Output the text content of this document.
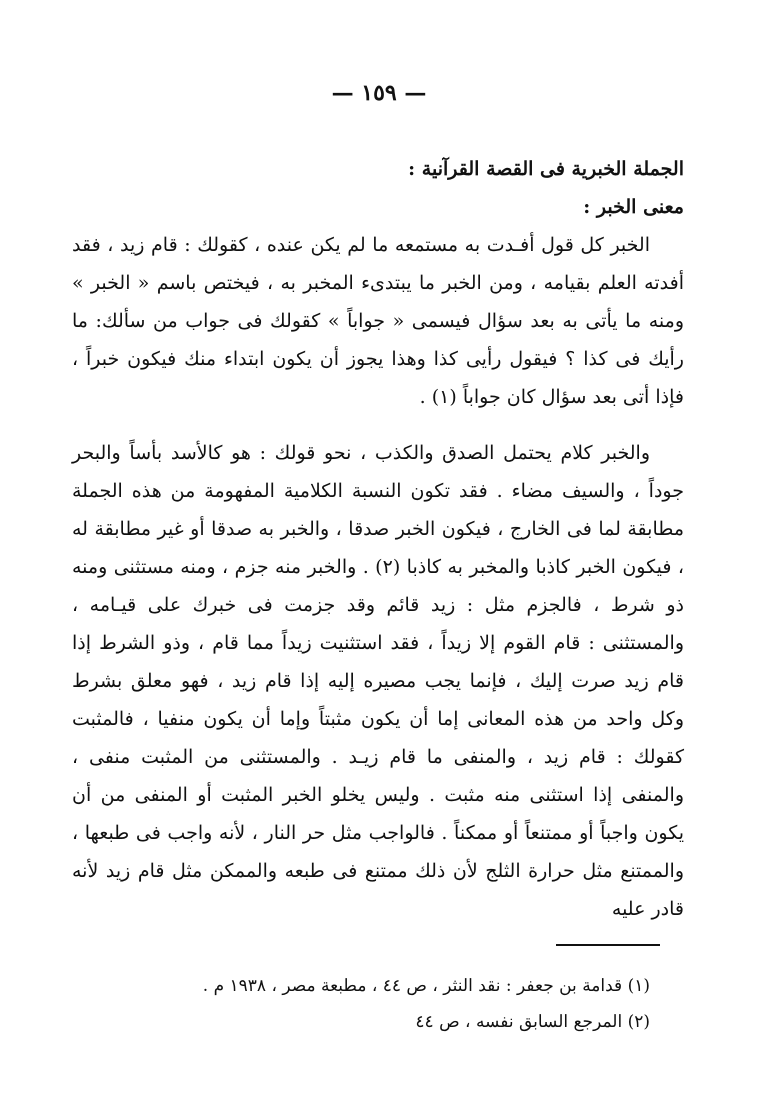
— ١٥٩ —

الجملة الخبرية فى القصة القرآنية :

معنى الخبر :

الخبر كل قول أفـدت به مستمعه ما لم يكن عنده ، كقولك : قام زيد ، فقد أفدته العلم بقيامه ، ومن الخبر ما يبتدىء المخبر به ، فيختص باسم « الخبر » ومنه ما يأتى به بعد سؤال فيسمى « جواباً » كقولك فى جواب من سألك: ما رأيك فى كذا ؟ فيقول رأيى كذا وهذا يجوز أن يكون ابتداء منك فيكون خبراً ، فإذا أتى بعد سؤال كان جواباً (١) .

والخبر كلام يحتمل الصدق والكذب ، نحو قولك : هو كالأسد بأساً والبحر جوداً ، والسيف مضاء . فقد تكون النسبة الكلامية المفهومة من هذه الجملة مطابقة لما فى الخارج ، فيكون الخبر صدقا ، والخبر به صدقا أو غير مطابقة له ، فيكون الخبر كاذبا والمخبر به كاذبا (٢) . والخبر منه جزم ، ومنه مستثنى ومنه ذو شرط ، فالجزم مثل : زيد قائم وقد جزمت فى خبرك على قيـامه ، والمستثنى : قام القوم إلا زيداً ، فقد استثنيت زيداً مما قام ، وذو الشرط إذا قام زيد صرت إليك ، فإنما يجب مصيره إليه إذا قام زيد ، فهو معلق بشرط وكل واحد من هذه المعانى إما أن يكون مثبتاً وإما أن يكون منفيا ، فالمثبت كقولك : قام زيد ، والمنفى ما قام زيـد . والمستثنى من المثبت منفى ، والمنفى إذا استثنى منه مثبت . وليس يخلو الخبر المثبت أو المنفى من أن يكون واجباً أو ممتنعاً أو ممكناً . فالواجب مثل حر النار ، لأنه واجب فى طبعها ، والممتنع مثل حرارة الثلج لأن ذلك ممتنع فى طبعه والممكن مثل قام زيد لأنه قادر عليه

(١) قدامة بن جعفر : نقد النثر ، ص ٤٤ ، مطبعة مصر ، ١٩٣٨ م .

(٢) المرجع السابق نفسه ، ص ٤٤
